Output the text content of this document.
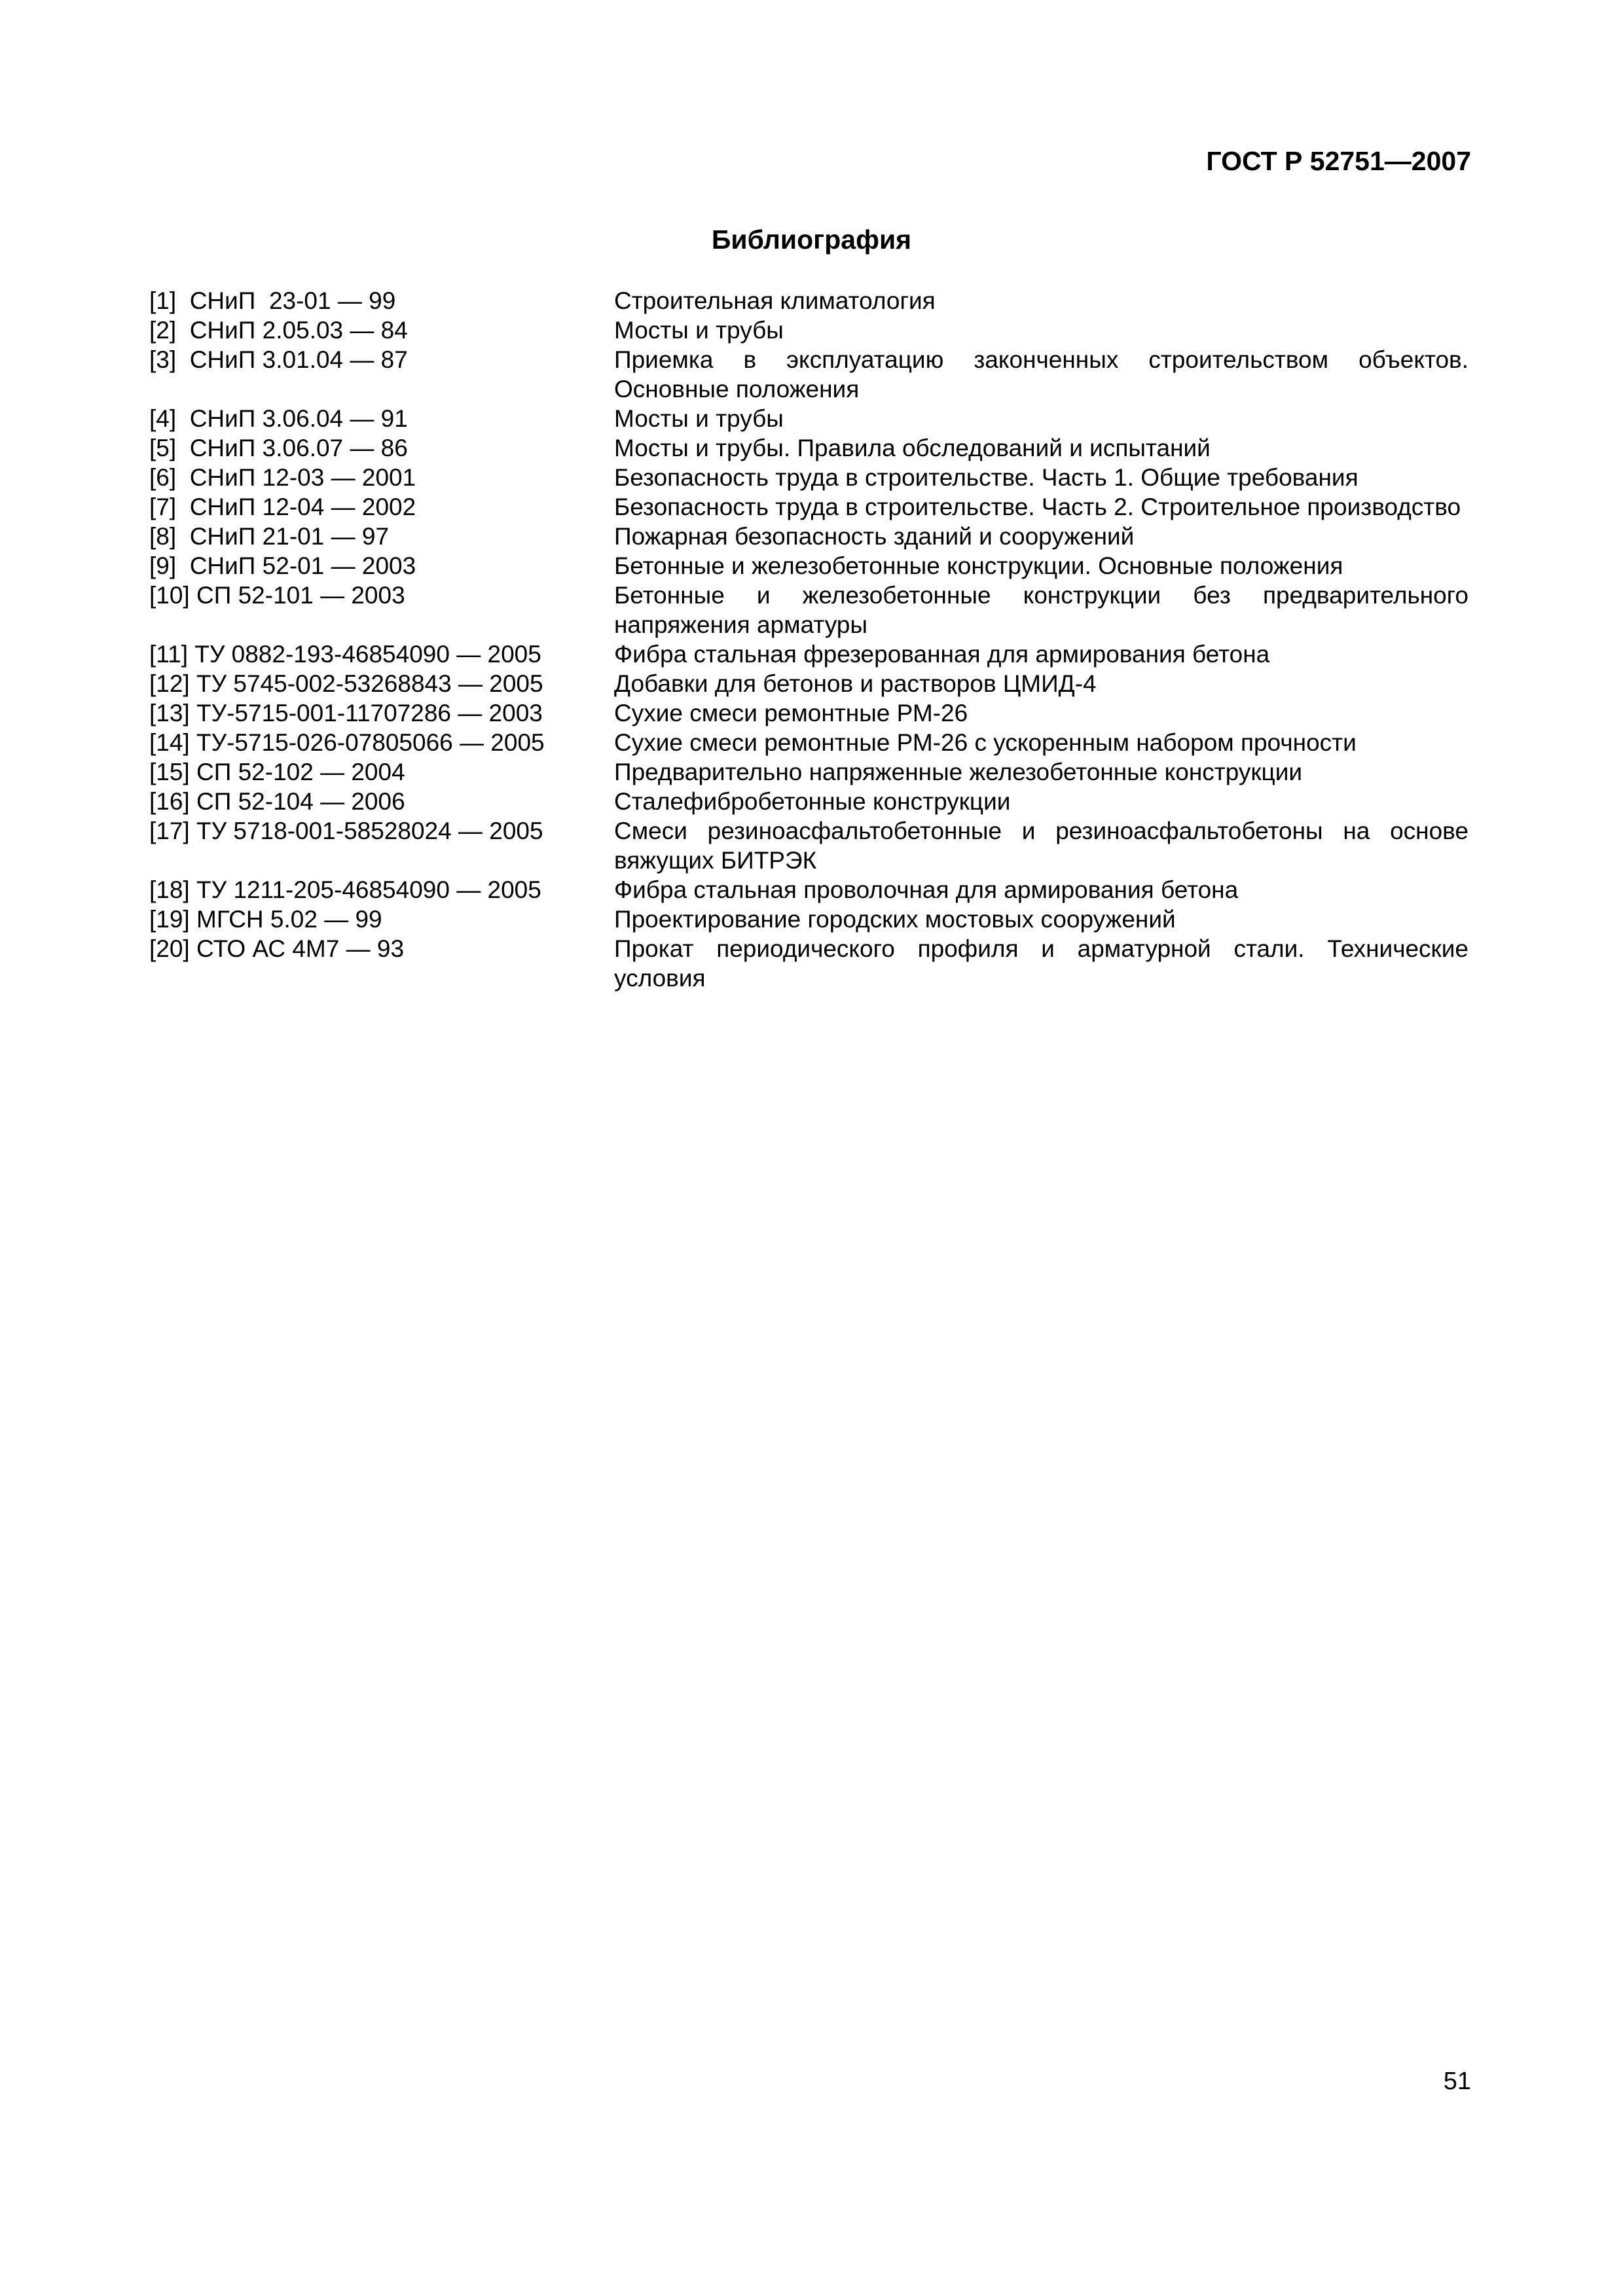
ГОСТ Р 52751—2007
Библиография
[1]  СНиП  23-01 — 99	Строительная климатология
[2]  СНиП 2.05.03 — 84	Мосты и трубы
[3]  СНиП 3.01.04 — 87	Приемка в эксплуатацию законченных строительством объектов. Основные положения
[4]  СНиП 3.06.04 — 91	Мосты и трубы
[5]  СНиП 3.06.07 — 86	Мосты и трубы. Правила обследований и испытаний
[6]  СНиП 12-03 — 2001	Безопасность труда в строительстве. Часть 1. Общие требования
[7]  СНиП 12-04 — 2002	Безопасность труда в строительстве. Часть 2. Строительное производство
[8]  СНиП 21-01 — 97	Пожарная безопасность зданий и сооружений
[9]  СНиП 52-01 — 2003	Бетонные и железобетонные конструкции. Основные положения
[10] СП 52-101 — 2003	Бетонные и железобетонные конструкции без предварительного напряжения арматуры
[11] ТУ 0882-193-46854090 — 2005	Фибра стальная фрезерованная для армирования бетона
[12] ТУ 5745-002-53268843 — 2005	Добавки для бетонов и растворов ЦМИД-4
[13] ТУ-5715-001-11707286 — 2003	Сухие смеси ремонтные РМ-26
[14] ТУ-5715-026-07805066 — 2005	Сухие смеси ремонтные РМ-26 с ускоренным набором прочности
[15] СП 52-102 — 2004	Предварительно напряженные железобетонные конструкции
[16] СП 52-104 — 2006	Сталефибробетонные конструкции
[17] ТУ 5718-001-58528024 — 2005	Смеси резиноасфальтобетонные и резиноасфальтобетоны на основе вяжущих БИТРЭК
[18] ТУ 1211-205-46854090 — 2005	Фибра стальная проволочная для армирования бетона
[19] МГСН 5.02 — 99	Проектирование городских мостовых сооружений
[20] СТО АС 4М7 — 93	Прокат периодического профиля и арматурной стали. Технические условия
51
